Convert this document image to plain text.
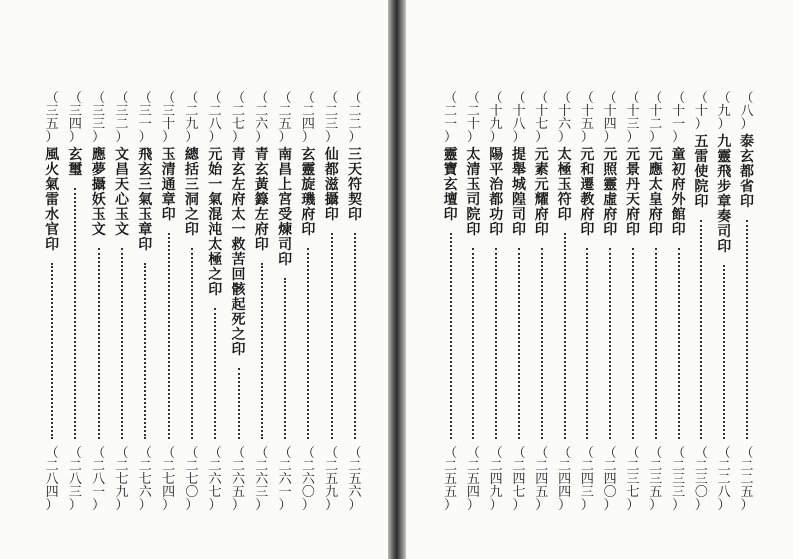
（
二
二
）
三
天
符
契
印
（
二
五
六
）
（
二
三
）
仙
都
滋
攝
印
（
二
五
九
）
（
二
四
）
玄
靈
旋
璣
府
印
（
二
六
〇
）
（
二
五
）
南
昌
上
宮
受
煉
司
印
（
二
六
一
）
（
二
六
）
青
玄
黃
籙
左
府
印
（
二
六
三
）
（
二
七
）
青
玄
左
府
太
一
救
苦
回
骸
起
死
之
印
（
二
六
五
）
（
二
八
）
元
始
一
氣
混
沌
太
極
之
印
（
二
六
七
）
（
二
九
）
總
括
三
洞
之
印
（
二
七
〇
）
（
三
十
）
玉
清
通
章
印
（
二
七
四
）
（
三
一
）
飛
玄
三
氣
玉
章
印
（
二
七
六
）
（
三
二
）
文
昌
天
心
玉
文
（
二
七
九
）
（
三
三
）
應
夢
攝
妖
玉
文
（
二
八
一
）
（
三
四
）
玄
璽
（
二
八
三
）
（
三
五
）
風
火
氣
雷
水
官
印
（
二
八
四
）
（
八
）
泰
玄
都
省
印
（
二
二
五
）
（
九
）
九
靈
飛
步
章
奏
司
印
（
二
二
八
）
（
十
）
五
雷
使
院
印
（
二
三
〇
）
（
十
一
）
童
初
府
外
館
印
（
二
三
三
）
（
十
二
）
元
應
太
皇
府
印
（
二
三
五
）
（
十
三
）
元
景
丹
天
府
印
（
二
三
七
）
（
十
四
）
元
照
靈
虛
府
印
（
二
四
〇
）
（
十
五
）
元
和
遷
教
府
印
（
二
四
三
）
（
十
六
）
太
極
玉
符
印
（
二
四
四
）
（
十
七
）
元
素
元
耀
府
印
（
二
四
五
）
（
十
八
）
提
舉
城
隍
司
印
（
二
四
七
）
（
十
九
）
陽
平
治
都
功
印
（
二
四
九
）
（
二
十
）
太
清
玉
司
院
印
（
二
五
四
）
（
二
一
）
靈
寶
玄
壇
印
（
二
五
五
）
